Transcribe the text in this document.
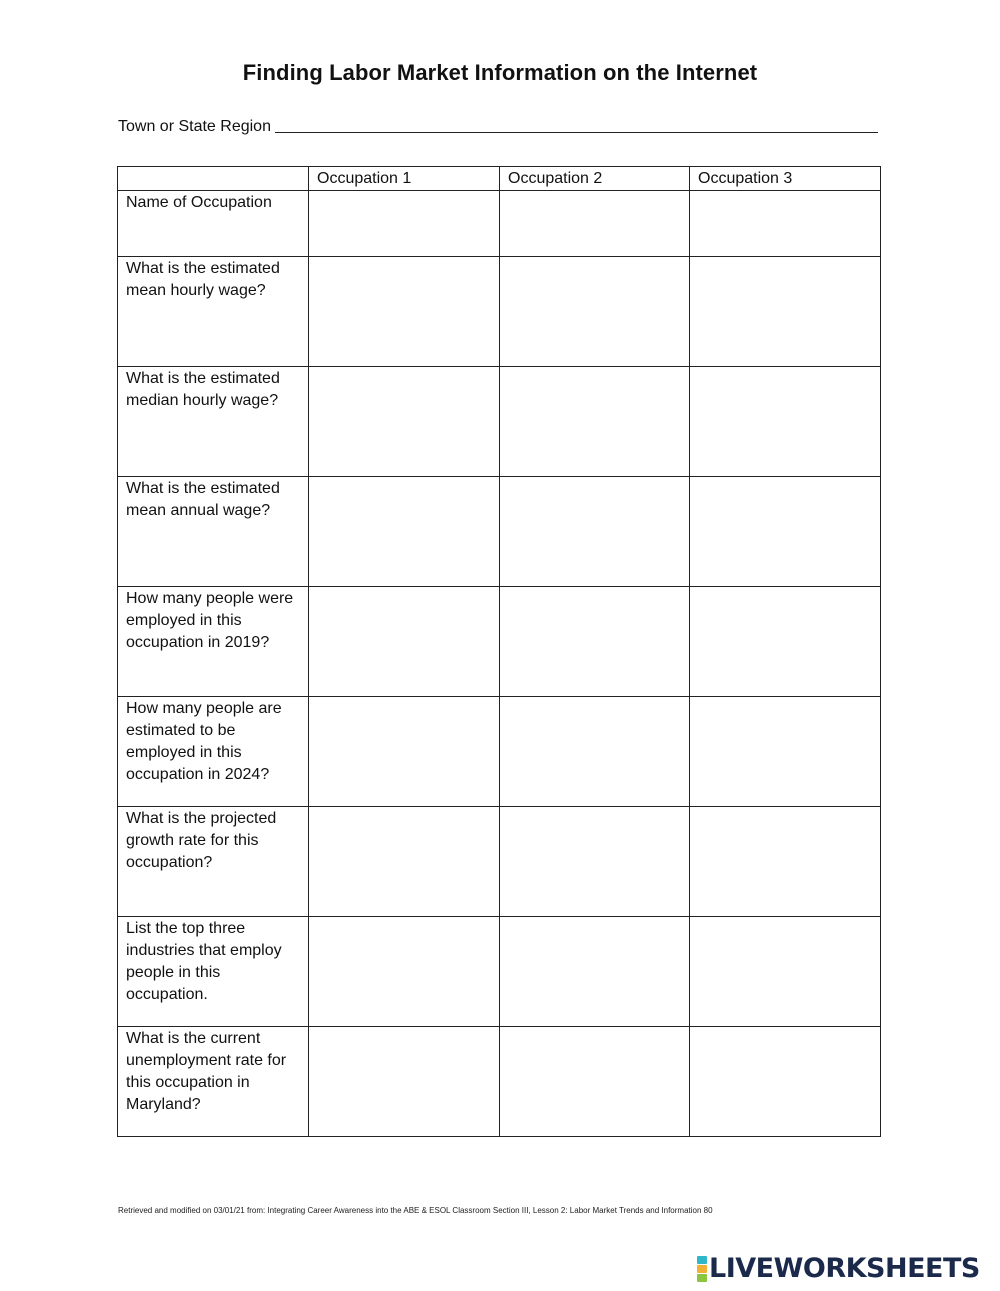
Finding Labor Market Information on the Internet
Town or State Region
	Occupation 1	Occupation 2	Occupation 3
Name of Occupation			
What is the estimated mean hourly wage?			
What is the estimated median hourly wage?			
What is the estimated mean annual wage?			
How many people were employed in this occupation in 2019?			
How many people are estimated to be employed in this occupation in 2024?			
What is the projected growth rate for this occupation?			
List the top three industries that employ people in this occupation.			
What is the current unemployment rate for this occupation in Maryland?			
Retrieved and modified on 03/01/21 from: Integrating Career Awareness into the ABE & ESOL Classroom Section III, Lesson 2: Labor Market Trends and Information 80
LIVEWORKSHEETS
